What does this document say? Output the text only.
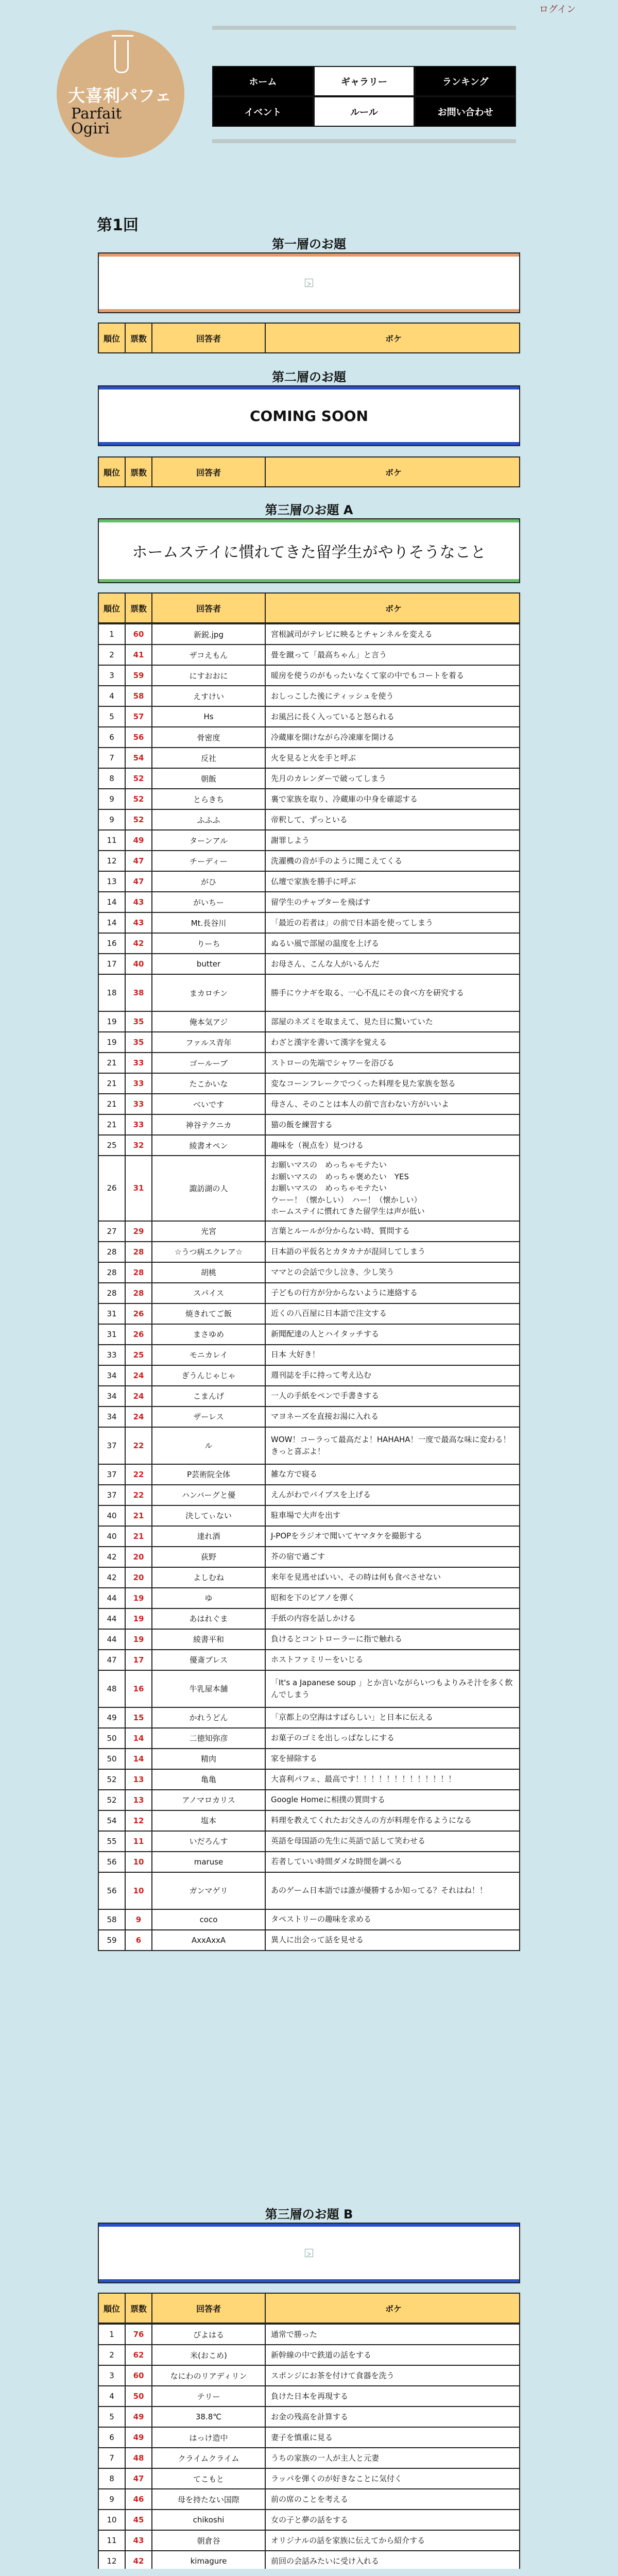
ログイン
大喜利パフェ
Parfait
Ogiri
ホーム	ギャラリー	ランキング
イベント	ルール	お問い合わせ
第1回
第一層のお題
順位	票数	回答者	ボケ
第二層のお題
COMING SOON
順位	票数	回答者	ボケ
第三層のお題 A
ホームステイに慣れてきた留学生がやりそうなこと
順位	票数	回答者	ボケ
1	60	新鋭.jpg	宮根誠司がテレビに映るとチャンネルを変える
2	41	ザコえもん	畳を蹴って「最高ちゃん」と言う
3	59	にすおおに	暖房を使うのがもったいなくて家の中でもコートを着る
4	58	えすけい	おしっこした後にティッシュを使う
5	57	Hs	お風呂に長く入っていると怒られる
6	56	骨密度	冷蔵庫を開けながら冷凍庫を開ける
7	54	反社	火を見ると火を手と呼ぶ
8	52	朝飯	先月のカレンダーで破ってしまう
9	52	とらきち	裏で家族を取り、冷蔵庫の中身を確認する
9	52	ふふふ	帝釈して、ずっといる
11	49	ターンアル	謝罪しよう
12	47	チーディー	洗濯機の音が手のように聞こえてくる
13	47	がひ	仏壇で家族を勝手に呼ぶ
14	43	がいちー	留学生のチャプターを飛ばす
14	43	Mt.長谷川	「最近の若者は」の前で日本語を使ってしまう
16	42	りーち	ぬるい風で部屋の温度を上げる
17	40	butter	お母さん、こんな人がいるんだ
18	38	まカロチン	勝手にウナギを取る、一心不乱にその食べ方を研究する
19	35	俺本気アジ	部屋のネズミを取まえて、見た目に驚いていた
19	35	ファルス青年	わざと漢字を書いて漢字を覚える
21	33	ゴールーブ	ストローの先端でシャワーを浴びる
21	33	たこかいな	変なコーンフレークでつくった料理を見た家族を怒る
21	33	べいです	母さん、そのことは本人の前で言わない方がいいよ
21	33	神谷テクニカ	猫の飯を練習する
25	32	綾書オペン	趣味を（視点を）見つける
26	31	諏訪湖の人
お願いマスの　めっちゃモテたい
お願いマスの　めっちゃ褒めたい　YES
お願いマスの　めっちゃモテたい
ウーー！（懐かしい）　ハー！（懐かしい）
ホームステイに慣れてきた留学生は声が低い
27	29	光宮	言葉とルールが分からない時、質問する
28	28	☆うつ病エクレア☆	日本語の平仮名とカタカナが混同してしまう
28	28	胡桃	ママとの会話で少し泣き、少し笑う
28	28	スパイス	子どもの行方が分からないように連絡する
31	26	焼きれてご飯	近くの八百屋に日本語で注文する
31	26	まさゆめ	新聞配達の人とハイタッチする
33	25	モニカレイ	日本 大好き！
34	24	ぎうんじゃじゃ	週刊誌を手に持って考え込む
34	24	こまんげ	一人の手紙をペンで手書きする
34	24	ザーレス	マヨネーズを直接お湯に入れる
37	22	ル
WOW！コーラって最高だよ！HAHAHA！一度で最高な味に変わる！きっと喜ぶよ！
37	22	P芸術院全体	雑な方で寝る
37	22	ハンバーグと優	えんがわでバイブスを上げる
40	21	決してぃない	駐車場で大声を出す
40	21	達れ酒	J-POPをラジオで聞いてヤマタケを撮影する
42	20	荻野	芥の宿で過ごす
42	20	よしむね	来年を見逃せばいい、その時は何も食べさせない
44	19	ゆ	昭和を下のピアノを弾く
44	19	あはれぐま	手紙の内容を話しかける
44	19	綾書平和	負けるとコントローラーに指で触れる
47	17	優斎ブレス	ホストファミリーをいじる
48	16	牛乳屋本舗
「It's a Japanese soup 」とか言いながらいつもよりみそ汁を多く飲んでしまう
49	15	かれうどん	「京都上の空海はすばらしい」と日本に伝える
50	14	二徳知弥彦	お菓子のゴミを出しっぱなしにする
50	14	精肉	家を掃除する
52	13	亀亀	大喜利パフェ、最高です！！！！！！！！！！！！！
52	13	アノマロカリス	Google Homeに相撲の質問する
54	12	塩本	料理を教えてくれたお父さんの方が料理を作るようになる
55	11	いだろんす	英語を母国語の先生に英語で話して笑わせる
56	10	maruse	若者していい時間ダメな時間を調べる
56	10	ガンマゲリ	あのゲーム日本語では誰が優勝するか知ってる？それはね！！
58	9	coco	タペストリーの趣味を求める
59	6	AxxAxxA	異人に出会って話を見せる
第三層のお題 B
順位	票数	回答者	ボケ
1	76	ぴよはる	通常で勝った
2	62	米(おこめ)	新幹線の中で鉄道の話をする
3	60	なにわのリアディリン	スポンジにお茶を付けて食器を洗う
4	50	テリー	負けた日本を再現する
5	49	38.8℃	お金の残高を計算する
6	49	はっけ造中	妻子を慎重に見る
7	48	クライムクライム	うちの家族の一人が主人と元妻
8	47	てこもと	ラッパを弾くのが好きなことに気付く
9	46	母を持たない国際	前の席のことを考える
10	45	chikoshi	女の子と夢の話をする
11	43	朝倉谷	オリジナルの話を家族に伝えてから紹介する
12	42	kimagure	前回の会話みたいに受け入れる
